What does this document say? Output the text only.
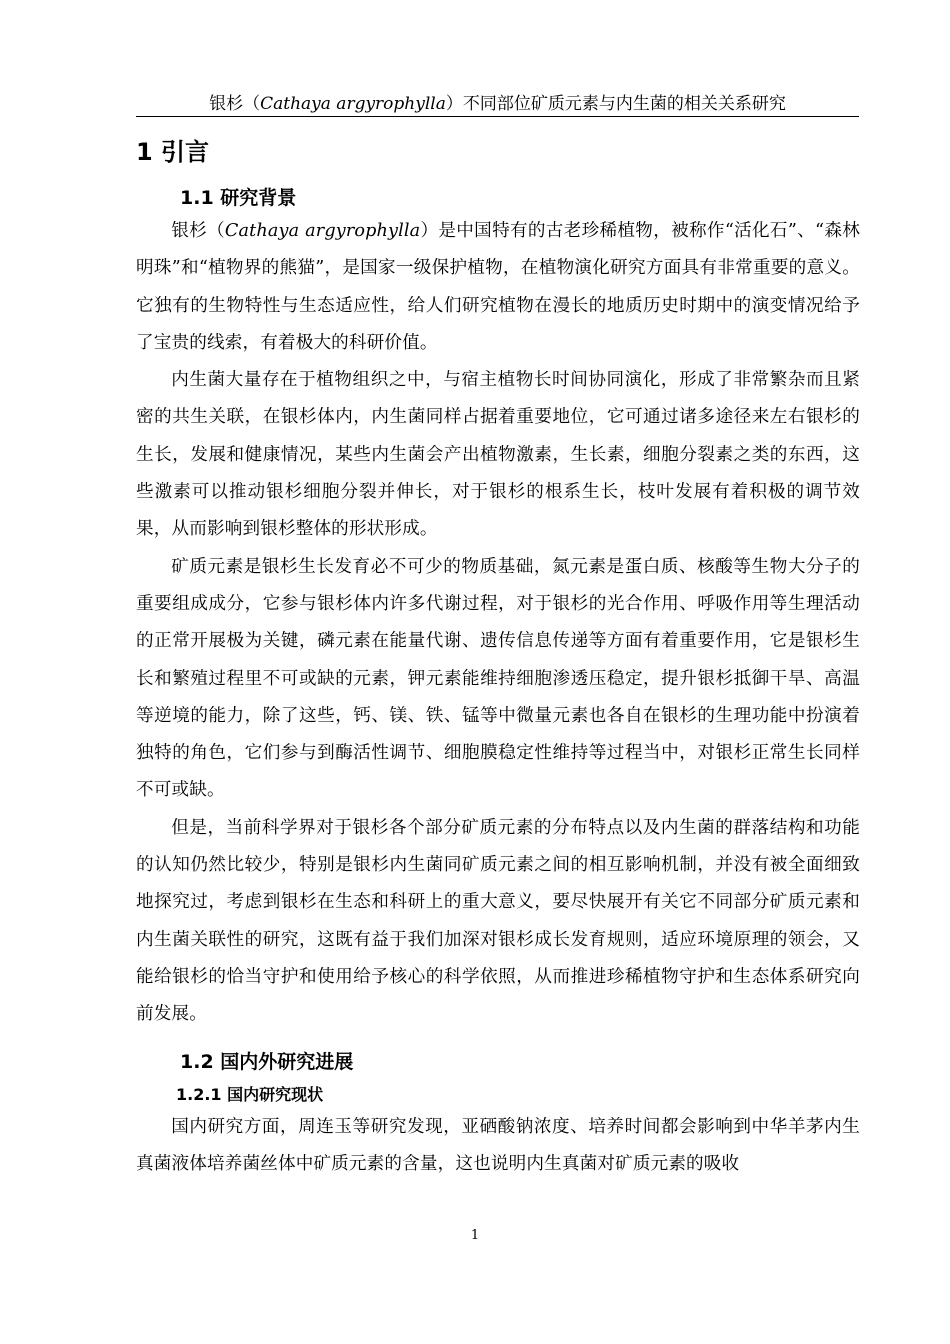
银杉（Cathaya argyrophylla）不同部位矿质元素与内生菌的相关关系研究
1 引言
1.1 研究背景

银杉（Cathaya argyrophylla）是中国特有的古老珍稀植物，被称作“活化石”、“森林明珠”和“植物界的熊猫”，是国家一级保护植物，在植物演化研究方面具有非常重要的意义。它独有的生物特性与生态适应性，给人们研究植物在漫长的地质历史时期中的演变情况给予了宝贵的线索，有着极大的科研价值。

内生菌大量存在于植物组织之中，与宿主植物长时间协同演化，形成了非常繁杂而且紧密的共生关联，在银杉体内，内生菌同样占据着重要地位，它可通过诸多途径来左右银杉的生长，发展和健康情况，某些内生菌会产出植物激素，生长素，细胞分裂素之类的东西，这些激素可以推动银杉细胞分裂并伸长，对于银杉的根系生长，枝叶发展有着积极的调节效果，从而影响到银杉整体的形状形成。

矿质元素是银杉生长发育必不可少的物质基础，氮元素是蛋白质、核酸等生物大分子的重要组成成分，它参与银杉体内许多代谢过程，对于银杉的光合作用、呼吸作用等生理活动的正常开展极为关键，磷元素在能量代谢、遗传信息传递等方面有着重要作用，它是银杉生长和繁殖过程里不可或缺的元素，钾元素能维持细胞渗透压稳定，提升银杉抵御干旱、高温等逆境的能力，除了这些，钙、镁、铁、锰等中微量元素也各自在银杉的生理功能中扮演着独特的角色，它们参与到酶活性调节、细胞膜稳定性维持等过程当中，对银杉正常生长同样不可或缺。

但是，当前科学界对于银杉各个部分矿质元素的分布特点以及内生菌的群落结构和功能的认知仍然比较少，特别是银杉内生菌同矿质元素之间的相互影响机制，并没有被全面细致地探究过，考虑到银杉在生态和科研上的重大意义，要尽快展开有关它不同部分矿质元素和内生菌关联性的研究，这既有益于我们加深对银杉成长发育规则，适应环境原理的领会，又能给银杉的恰当守护和使用给予核心的科学依照，从而推进珍稀植物守护和生态体系研究向前发展。

1.2 国内外研究进展
1.2.1 国内研究现状

国内研究方面，周连玉等研究发现，亚硒酸钠浓度、培养时间都会影响到中华羊茅内生真菌液体培养菌丝体中矿质元素的含量，这也说明内生真菌对矿质元素的吸收

1
